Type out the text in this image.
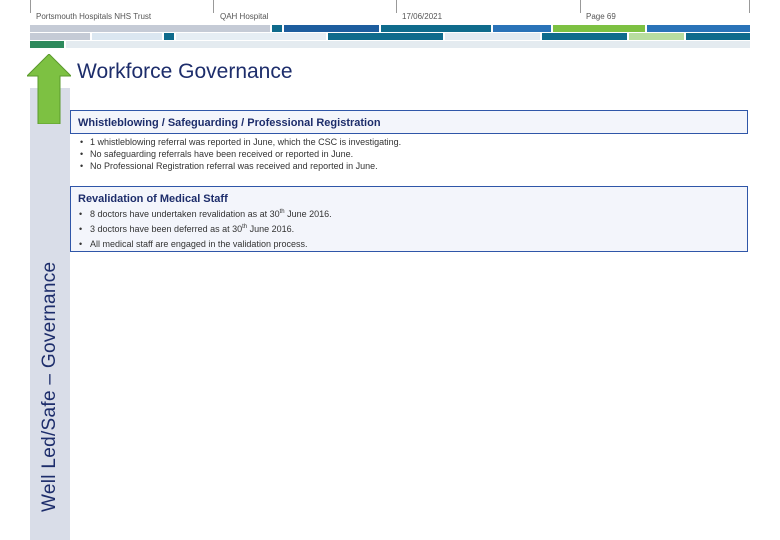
Portsmouth Hospitals NHS Trust	QAH Hospital	17/06/2021	Page 69
Well Led/Safe – Governance
Workforce Governance
Whistleblowing / Safeguarding / Professional Registration
• 1 whistleblowing referral was reported in June, which the CSC is investigating.
• No safeguarding referrals have been received or reported in June.
• No Professional Registration referral was received and reported in June.
Revalidation of Medical Staff
• 8 doctors have undertaken revalidation as at 30th June 2016.
• 3 doctors have been deferred as at 30th June 2016.
• All medical staff are engaged in the validation process.
